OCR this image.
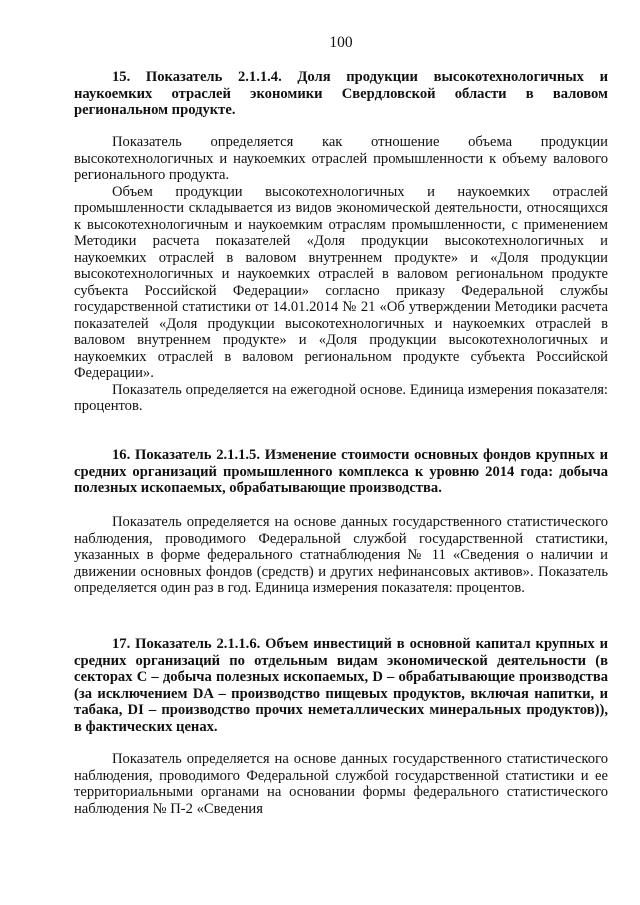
100
15. Показатель 2.1.1.4. Доля продукции высокотехнологичных и наукоемких отраслей экономики Свердловской области в валовом региональном продукте.

Показатель определяется как отношение объема продукции высокотехнологичных и наукоемких отраслей промышленности к объему валового регионального продукта.

Объем продукции высокотехнологичных и наукоемких отраслей промышленности складывается из видов экономической деятельности, относящихся к высокотехнологичным и наукоемким отраслям промышленности, с применением Методики расчета показателей «Доля продукции высокотехнологичных и наукоемких отраслей в валовом внутреннем продукте» и «Доля продукции высокотехнологичных и наукоемких отраслей в валовом региональном продукте субъекта Российской Федерации» согласно приказу Федеральной службы государственной статистики от 14.01.2014 № 21 «Об утверждении Методики расчета показателей «Доля продукции высокотехнологичных и наукоемких отраслей в валовом внутреннем продукте» и «Доля продукции высокотехнологичных и наукоемких отраслей в валовом региональном продукте субъекта Российской Федерации».

Показатель определяется на ежегодной основе. Единица измерения показателя: процентов.

16. Показатель 2.1.1.5. Изменение стоимости основных фондов крупных и средних организаций промышленного комплекса к уровню 2014 года: добыча полезных ископаемых, обрабатывающие производства.

Показатель определяется на основе данных государственного статистического наблюдения, проводимого Федеральной службой государственной статистики, указанных в форме федерального статнаблюдения № 11 «Сведения о наличии и движении основных фондов (средств) и других нефинансовых активов». Показатель определяется один раз в год. Единица измерения показателя: процентов.

17. Показатель 2.1.1.6. Объем инвестиций в основной капитал крупных и средних организаций по отдельным видам экономической деятельности (в секторах C – добыча полезных ископаемых, D – обрабатывающие производства (за исключением DA – производство пищевых продуктов, включая напитки, и табака, DI – производство прочих неметаллических минеральных продуктов)), в фактических ценах.

Показатель определяется на основе данных государственного статистического наблюдения, проводимого Федеральной службой государственной статистики и ее территориальными органами на основании формы федерального статистического наблюдения № П-2 «Сведения
